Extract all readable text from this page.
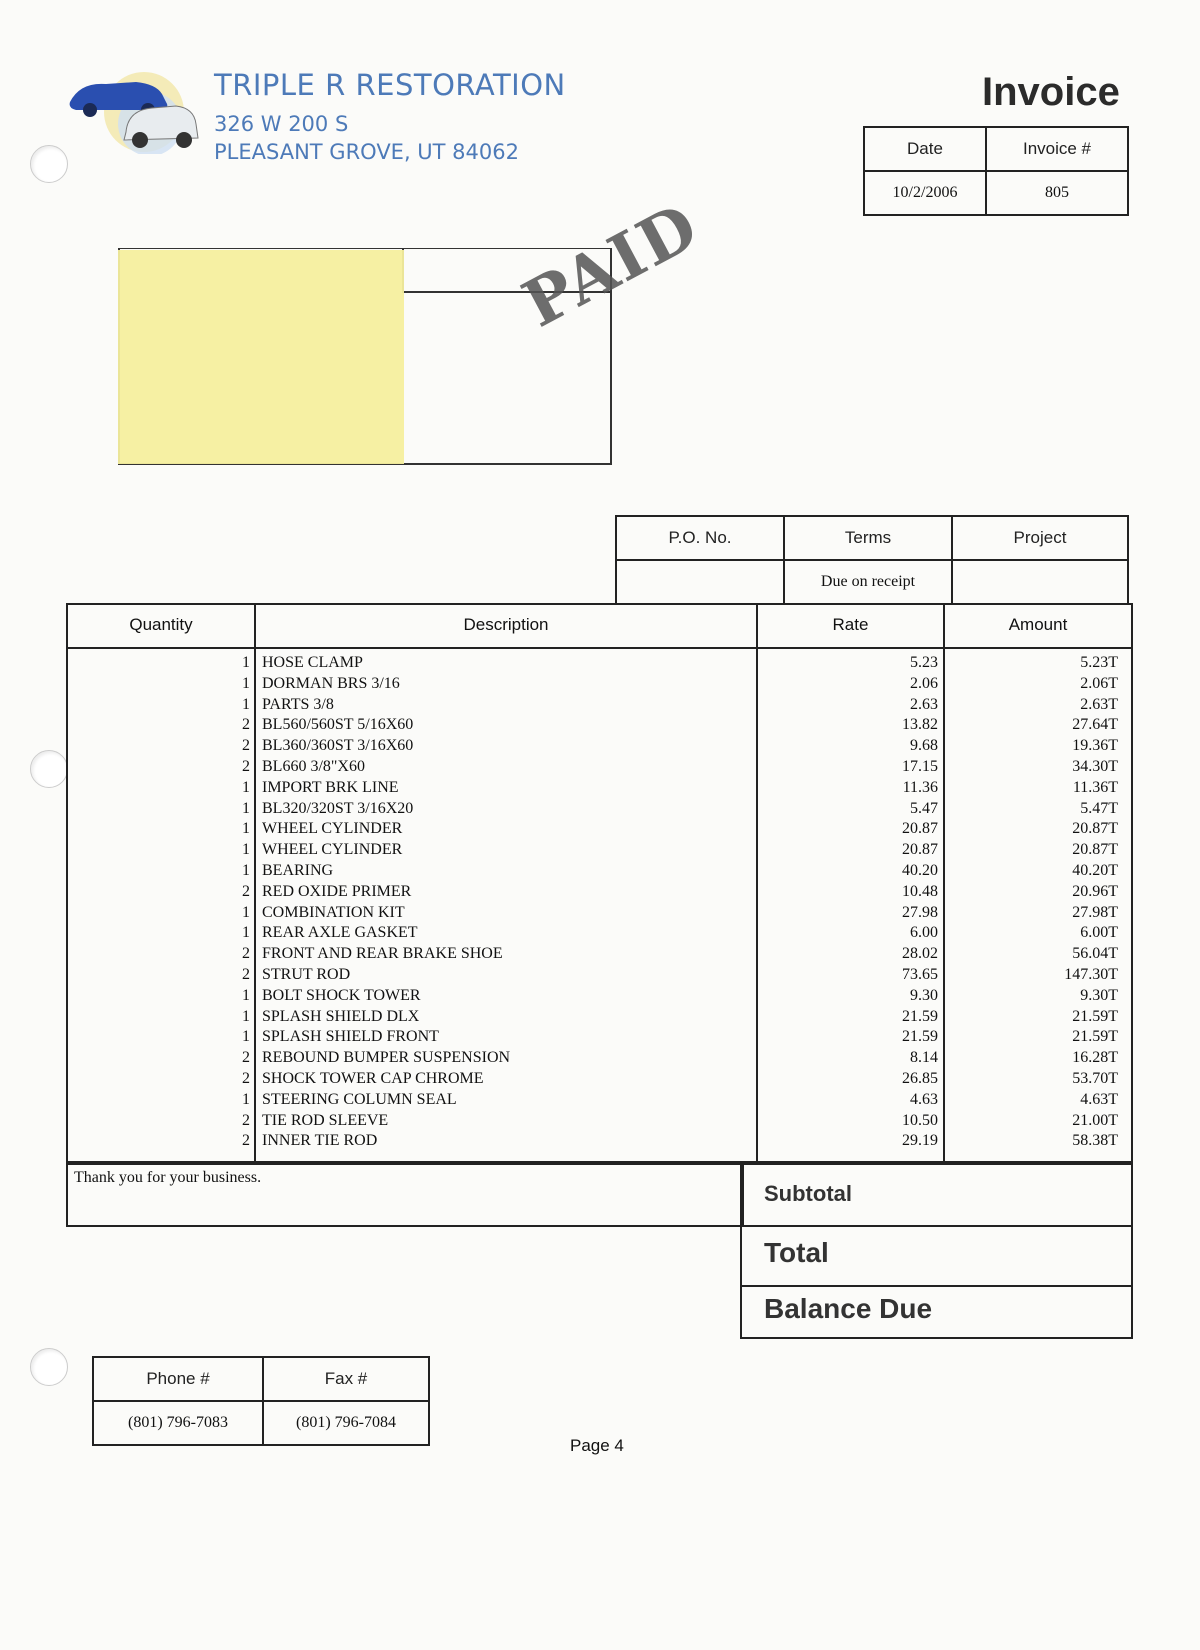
TRIPLE R RESTORATION
326 W 200 S
PLEASANT GROVE, UT 84062
Invoice
Date	Invoice #
10/2/2006	805
PAID
P.O. No.	Terms	Project
	Due on receipt	
Quantity	Description	Rate	Amount
1 HOSE CLAMP	5.23	5.23T
1 DORMAN BRS 3/16	2.06	2.06T
1 PARTS 3/8	2.63	2.63T
2 BL560/560ST 5/16X60	13.82	27.64T
2 BL360/360ST 3/16X60	9.68	19.36T
2 BL660 3/8"X60	17.15	34.30T
1 IMPORT BRK LINE	11.36	11.36T
1 BL320/320ST 3/16X20	5.47	5.47T
1 WHEEL CYLINDER	20.87	20.87T
1 WHEEL CYLINDER	20.87	20.87T
1 BEARING	40.20	40.20T
2 RED OXIDE PRIMER	10.48	20.96T
1 COMBINATION KIT	27.98	27.98T
1 REAR AXLE GASKET	6.00	6.00T
2 FRONT AND REAR BRAKE SHOE	28.02	56.04T
2 STRUT ROD	73.65	147.30T
1 BOLT SHOCK TOWER	9.30	9.30T
1 SPLASH SHIELD DLX	21.59	21.59T
1 SPLASH SHIELD FRONT	21.59	21.59T
2 REBOUND BUMPER SUSPENSION	8.14	16.28T
2 SHOCK TOWER CAP CHROME	26.85	53.70T
1 STEERING COLUMN SEAL	4.63	4.63T
2 TIE ROD SLEEVE	10.50	21.00T
2 INNER TIE ROD	29.19	58.38T
Thank you for your business.
Subtotal
Total
Balance Due
Phone #	Fax #
(801) 796-7083	(801) 796-7084
Page 4
